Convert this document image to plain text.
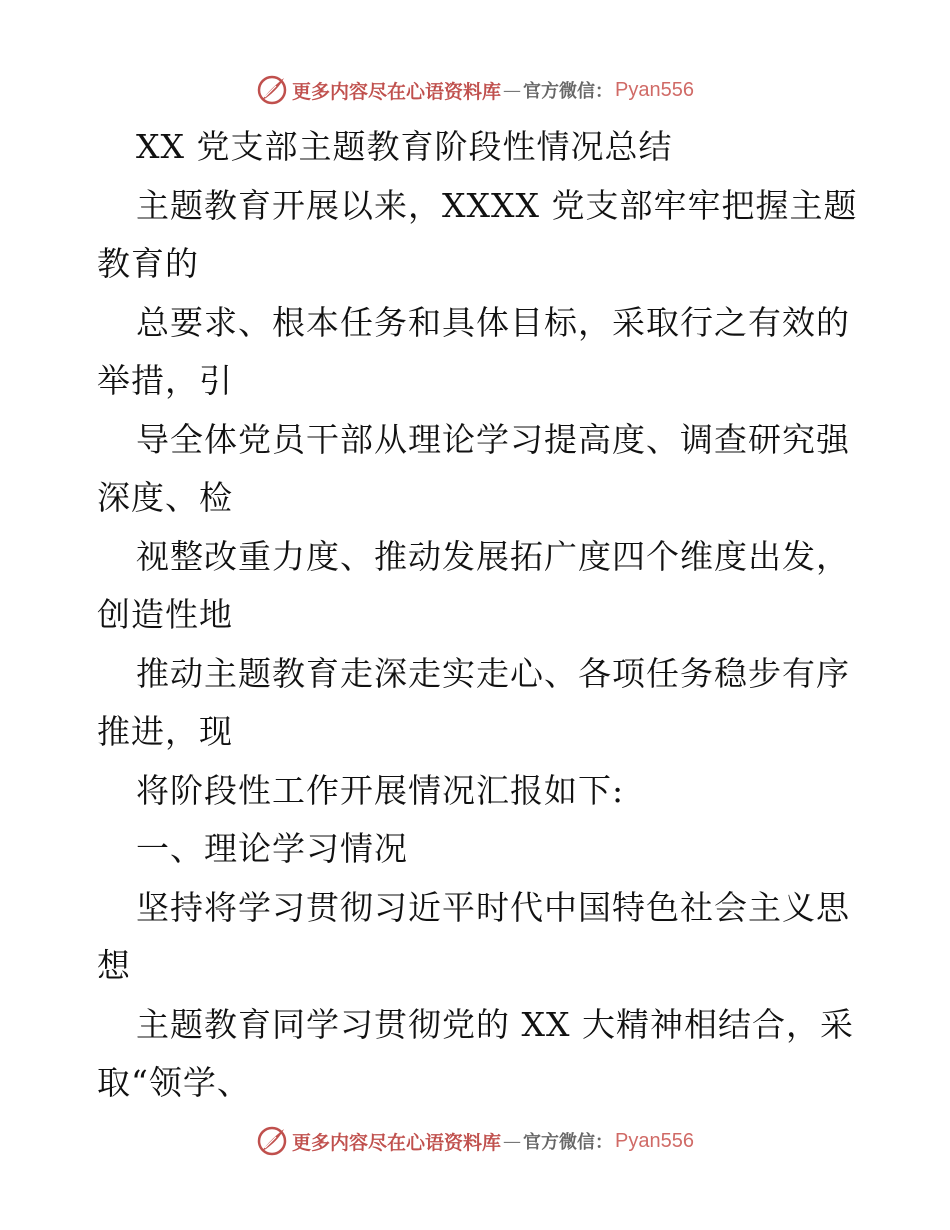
更多内容尽在心语资料库 — 官方微信： Pyan556
XX 党支部主题教育阶段性情况总结
主题教育开展以来，XXXX 党支部牢牢把握主题
教育的
总要求、根本任务和具体目标，采取行之有效的
举措，引
导全体党员干部从理论学习提高度、调查研究强
深度、检
视整改重力度、推动发展拓广度四个维度出发，
创造性地
推动主题教育走深走实走心、各项任务稳步有序
推进，现
将阶段性工作开展情况汇报如下:
一、理论学习情况
坚持将学习贯彻习近平时代中国特色社会主义思
想
主题教育同学习贯彻党的 XX 大精神相结合，采
取“领学、
更多内容尽在心语资料库 — 官方微信： Pyan556
